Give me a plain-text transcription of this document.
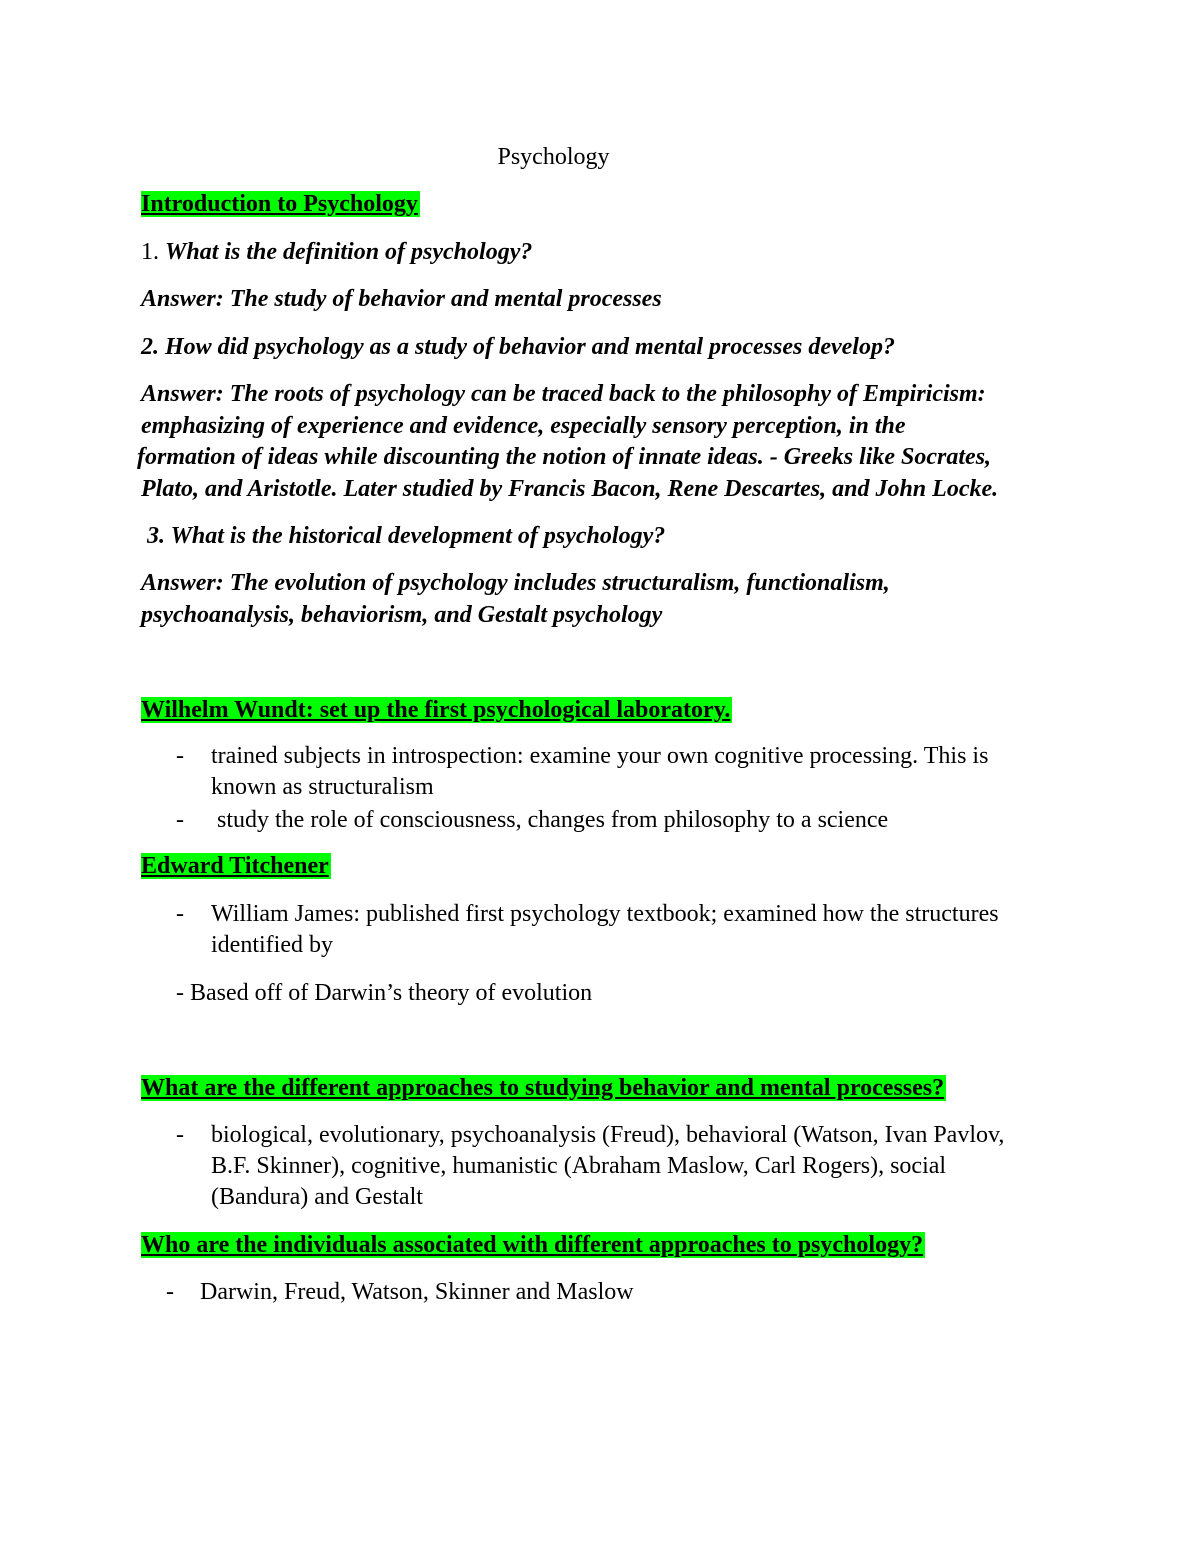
Psychology
Introduction to Psychology
1. What is the definition of psychology?
Answer: The study of behavior and mental processes
2. How did psychology as a study of behavior and mental processes develop?
Answer: The roots of psychology can be traced back to the philosophy of Empiricism:
emphasizing of experience and evidence, especially sensory perception, in the
formation of ideas while discounting the notion of innate ideas. - Greeks like Socrates,
Plato, and Aristotle. Later studied by Francis Bacon, Rene Descartes, and John Locke.
3. What is the historical development of psychology?
Answer: The evolution of psychology includes structuralism, functionalism,
psychoanalysis, behaviorism, and Gestalt psychology
Wilhelm Wundt: set up the first psychological laboratory.
- trained subjects in introspection: examine your own cognitive processing. This is
known as structuralism
- study the role of consciousness, changes from philosophy to a science
Edward Titchener
- William James: published first psychology textbook; examined how the structures
identified by
- Based off of Darwin’s theory of evolution
What are the different approaches to studying behavior and mental processes?
- biological, evolutionary, psychoanalysis (Freud), behavioral (Watson, Ivan Pavlov,
B.F. Skinner), cognitive, humanistic (Abraham Maslow, Carl Rogers), social
(Bandura) and Gestalt
Who are the individuals associated with different approaches to psychology?
- Darwin, Freud, Watson, Skinner and Maslow
